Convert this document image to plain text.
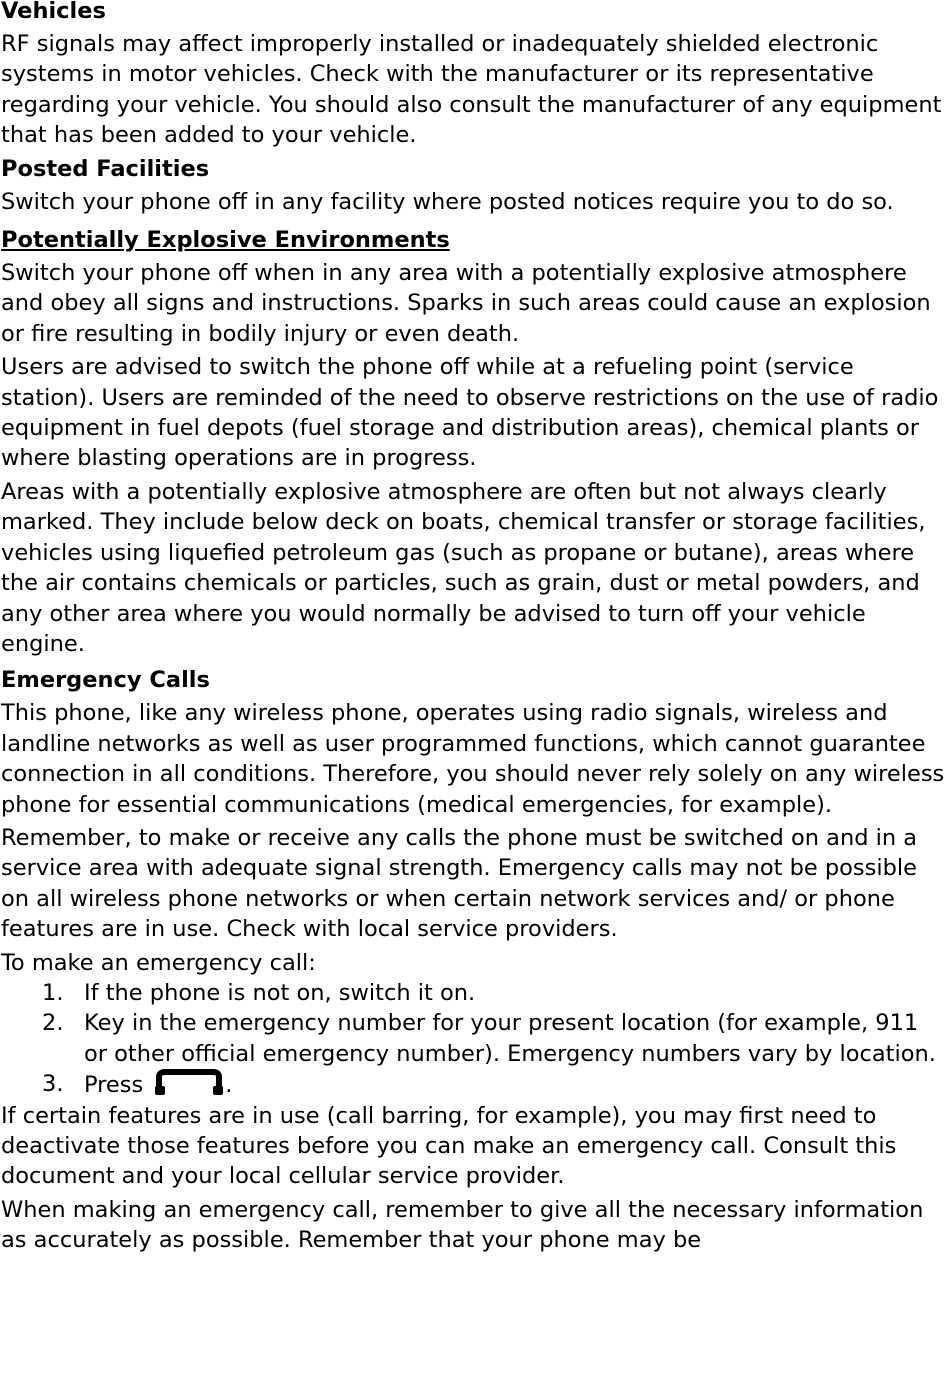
Vehicles

RF signals may affect improperly installed or inadequately shielded electronic systems in motor vehicles. Check with the manufacturer or its representative regarding your vehicle. You should also consult the manufacturer of any equipment that has been added to your vehicle.

Posted Facilities

Switch your phone off in any facility where posted notices require you to do so.

Potentially Explosive Environments

Switch your phone off when in any area with a potentially explosive atmosphere and obey all signs and instructions. Sparks in such areas could cause an explosion or fire resulting in bodily injury or even death.

Users are advised to switch the phone off while at a refueling point (service station). Users are reminded of the need to observe restrictions on the use of radio equipment in fuel depots (fuel storage and distribution areas), chemical plants or where blasting operations are in progress.

Areas with a potentially explosive atmosphere are often but not always clearly marked. They include below deck on boats, chemical transfer or storage facilities, vehicles using liquefied petroleum gas (such as propane or butane), areas where the air contains chemicals or particles, such as grain, dust or metal powders, and any other area where you would normally be advised to turn off your vehicle engine.

Emergency Calls

This phone, like any wireless phone, operates using radio signals, wireless and landline networks as well as user programmed functions, which cannot guarantee connection in all conditions. Therefore, you should never rely solely on any wireless phone for essential communications (medical emergencies, for example).

Remember, to make or receive any calls the phone must be switched on and in a service area with adequate signal strength. Emergency calls may not be possible on all wireless phone networks or when certain network services and/ or phone features are in use. Check with local service providers.

To make an emergency call:

1. If the phone is not on, switch it on.
2. Key in the emergency number for your present location (for example, 911 or other official emergency number). Emergency numbers vary by location.
3. Press	.

If certain features are in use (call barring, for example), you may first need to deactivate those features before you can make an emergency call. Consult this document and your local cellular service provider.

When making an emergency call, remember to give all the necessary information as accurately as possible. Remember that your phone may be
